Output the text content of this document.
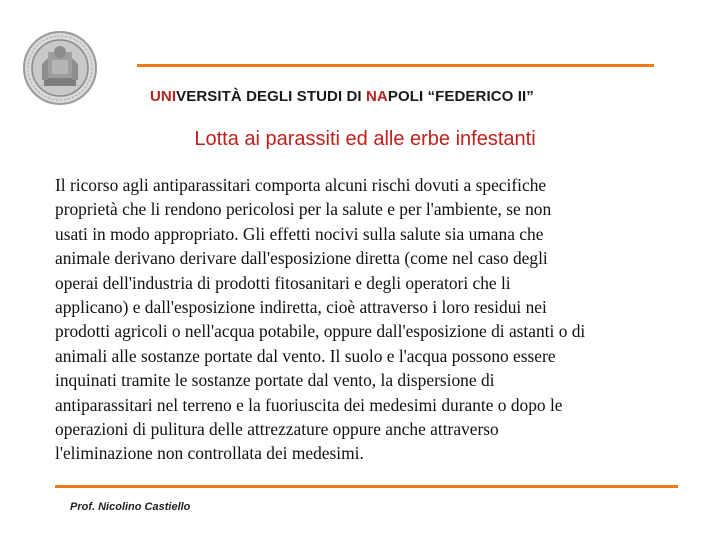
UNIVERSITÀ DEGLI STUDI DI NAPOLI “FEDERICO II”
Lotta ai parassiti ed alle erbe infestanti
Il ricorso agli antiparassitari comporta alcuni rischi dovuti a specifiche
proprietà che li rendono pericolosi per la salute e per l'ambiente, se non
usati in modo appropriato. Gli effetti nocivi sulla salute sia umana che
animale derivano derivare dall'esposizione diretta (come nel caso degli
operai dell'industria di prodotti fitosanitari e degli operatori che li
applicano) e dall'esposizione indiretta, cioè attraverso i loro residui nei
prodotti agricoli o nell'acqua potabile, oppure dall'esposizione di astanti o di
animali alle sostanze portate dal vento. Il suolo e l'acqua possono essere
inquinati tramite le sostanze portate dal vento, la dispersione di
antiparassitari nel terreno e la fuoriuscita dei medesimi durante o dopo le
operazioni di pulitura delle attrezzature oppure anche attraverso
l'eliminazione non controllata dei medesimi.
Prof. Nicolino Castiello
